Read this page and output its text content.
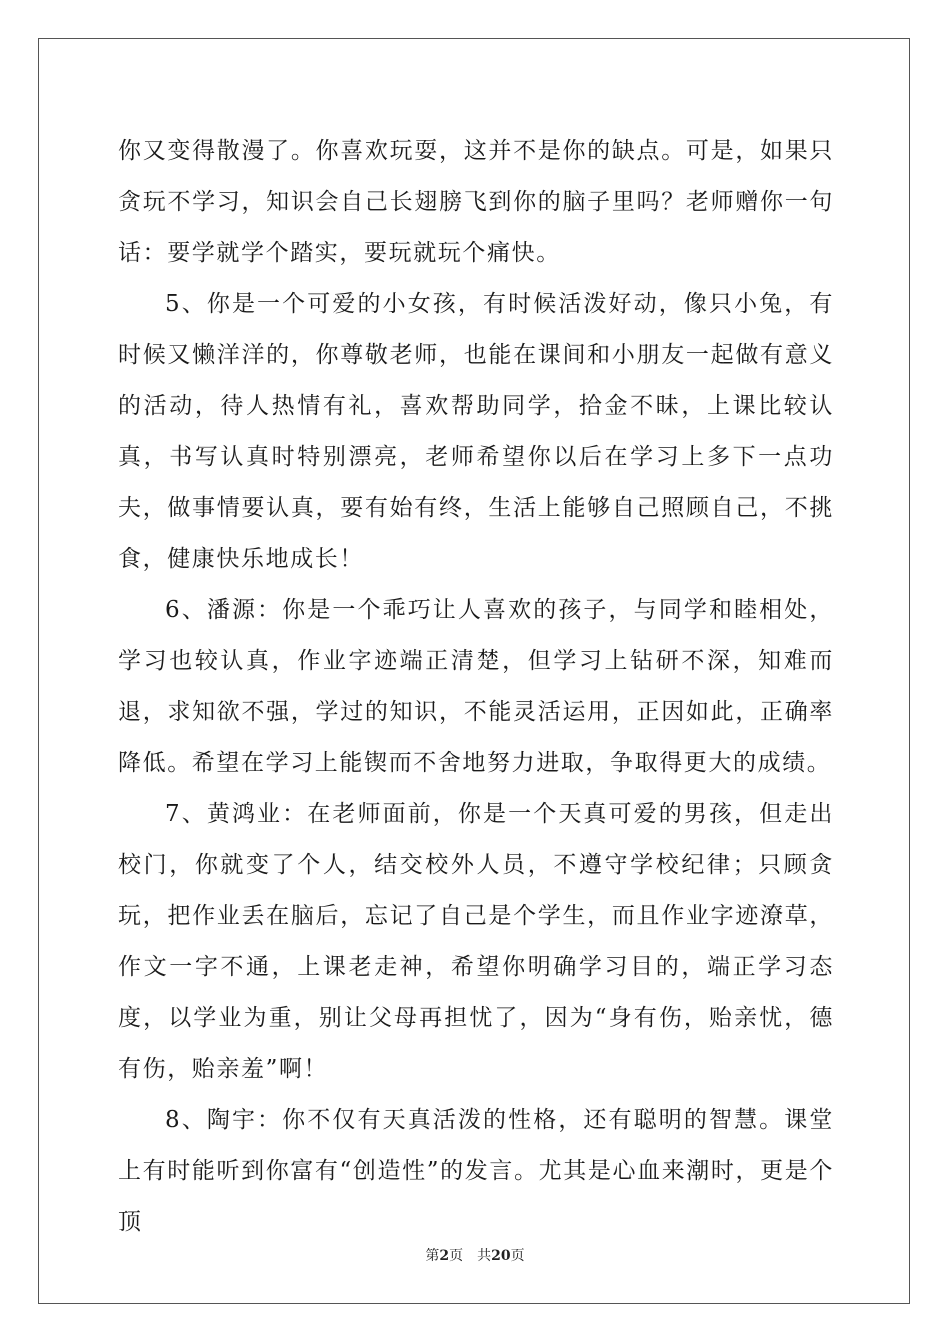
你又变得散漫了。你喜欢玩耍，这并不是你的缺点。可是，如果只贪玩不学习，知识会自己长翅膀飞到你的脑子里吗？老师赠你一句话：要学就学个踏实，要玩就玩个痛快。

5、你是一个可爱的小女孩，有时候活泼好动，像只小兔，有时候又懒洋洋的，你尊敬老师，也能在课间和小朋友一起做有意义的活动，待人热情有礼，喜欢帮助同学，拾金不昧，上课比较认真，书写认真时特别漂亮，老师希望你以后在学习上多下一点功夫，做事情要认真，要有始有终，生活上能够自己照顾自己，不挑食，健康快乐地成长！

6、潘源：你是一个乖巧让人喜欢的孩子，与同学和睦相处，学习也较认真，作业字迹端正清楚，但学习上钻研不深，知难而退，求知欲不强，学过的知识，不能灵活运用，正因如此，正确率降低。希望在学习上能锲而不舍地努力进取，争取得更大的成绩。

7、黄鸿业：在老师面前，你是一个天真可爱的男孩，但走出校门，你就变了个人，结交校外人员，不遵守学校纪律；只顾贪玩，把作业丢在脑后，忘记了自己是个学生，而且作业字迹潦草，作文一字不通，上课老走神，希望你明确学习目的，端正学习态度，以学业为重，别让父母再担忧了，因为“身有伤，贻亲忧，德有伤，贻亲羞”啊！

8、陶宇：你不仅有天真活泼的性格，还有聪明的智慧。课堂上有时能听到你富有“创造性”的发言。尤其是心血来潮时，更是个顶

第2页 共20页
